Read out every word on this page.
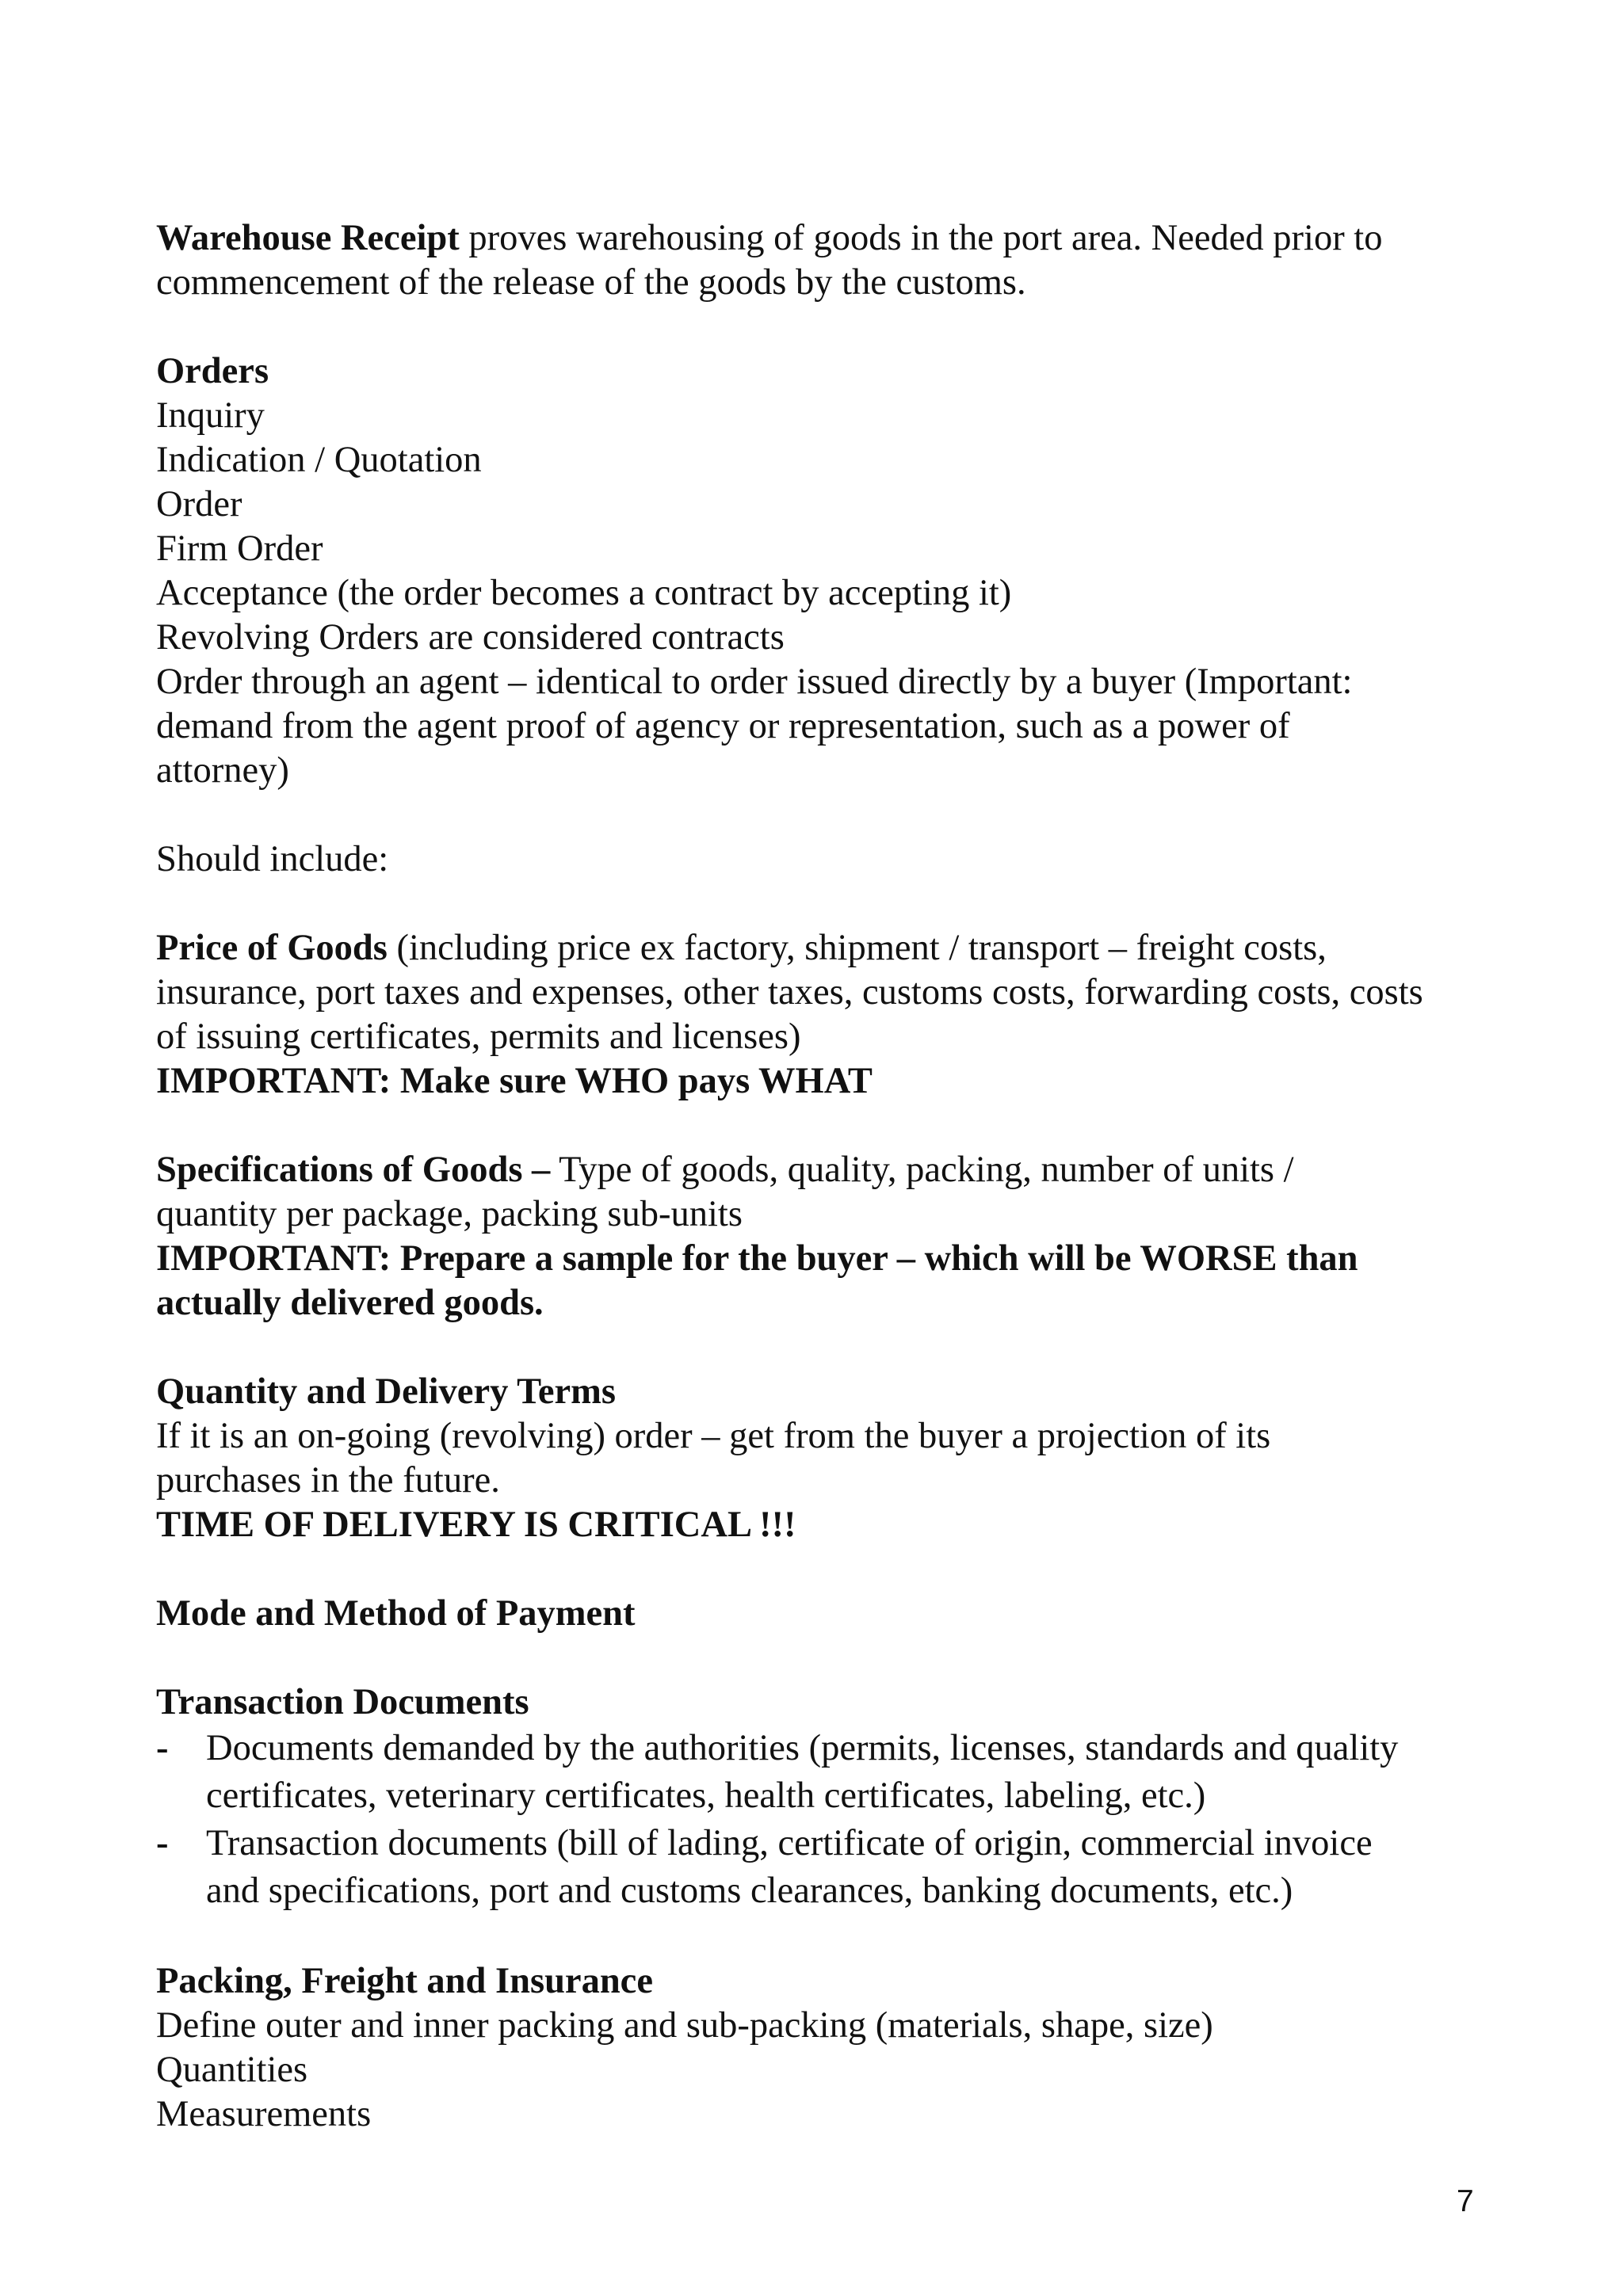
Warehouse Receipt proves warehousing of goods in the port area. Needed prior to
commencement of the release of the goods by the customs.
Orders
Inquiry
Indication / Quotation
Order
Firm Order
Acceptance (the order becomes a contract by accepting it)
Revolving Orders are considered contracts
Order through an agent – identical to order issued directly by a buyer (Important:
demand from the agent proof of agency or representation, such as a power of
attorney)
Should include:
Price of Goods (including price ex factory, shipment / transport – freight costs,
insurance, port taxes and expenses, other taxes, customs costs, forwarding costs, costs
of issuing certificates, permits and licenses)
IMPORTANT: Make sure WHO pays WHAT
Specifications of Goods – Type of goods, quality, packing, number of units /
quantity per package, packing sub-units
IMPORTANT: Prepare a sample for the buyer – which will be WORSE than
actually delivered goods.
Quantity and Delivery Terms
If it is an on-going (revolving) order – get from the buyer a projection of its
purchases in the future.
TIME OF DELIVERY IS CRITICAL !!!
Mode and Method of Payment
Transaction Documents
- Documents demanded by the authorities (permits, licenses, standards and quality
certificates, veterinary certificates, health certificates, labeling, etc.)
- Transaction documents (bill of lading, certificate of origin, commercial invoice
and specifications, port and customs clearances, banking documents, etc.)
Packing, Freight and Insurance
Define outer and inner packing and sub-packing (materials, shape, size)
Quantities
Measurements
7
